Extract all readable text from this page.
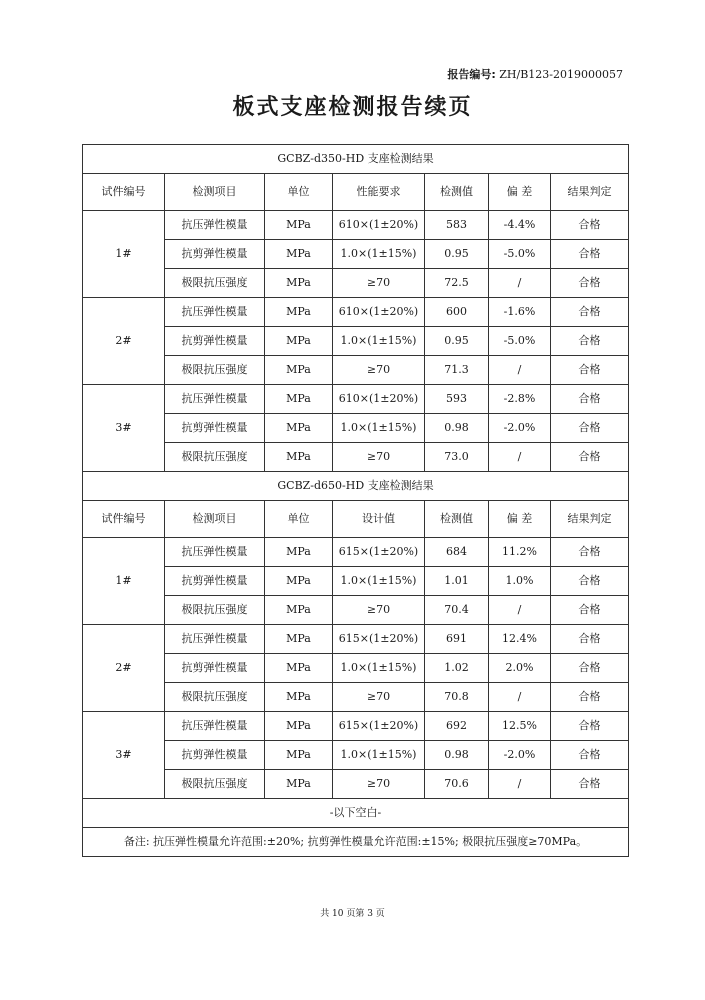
报告编号: ZH/B123-2019000057
板式支座检测报告续页
GCBZ-d350-HD 支座检测结果						
试件编号	检测项目	单位	性能要求	检测值	偏 差	结果判定
1#	抗压弹性模量	MPa	610×(1±20%)	583	-4.4%	合格
	抗剪弹性模量	MPa	1.0×(1±15%)	0.95	-5.0%	合格
	极限抗压强度	MPa	≥70	72.5	/	合格
2#	抗压弹性模量	MPa	610×(1±20%)	600	-1.6%	合格
	抗剪弹性模量	MPa	1.0×(1±15%)	0.95	-5.0%	合格
	极限抗压强度	MPa	≥70	71.3	/	合格
3#	抗压弹性模量	MPa	610×(1±20%)	593	-2.8%	合格
	抗剪弹性模量	MPa	1.0×(1±15%)	0.98	-2.0%	合格
	极限抗压强度	MPa	≥70	73.0	/	合格
GCBZ-d650-HD 支座检测结果						
试件编号	检测项目	单位	设计值	检测值	偏 差	结果判定
1#	抗压弹性模量	MPa	615×(1±20%)	684	11.2%	合格
	抗剪弹性模量	MPa	1.0×(1±15%)	1.01	1.0%	合格
	极限抗压强度	MPa	≥70	70.4	/	合格
2#	抗压弹性模量	MPa	615×(1±20%)	691	12.4%	合格
	抗剪弹性模量	MPa	1.0×(1±15%)	1.02	2.0%	合格
	极限抗压强度	MPa	≥70	70.8	/	合格
3#	抗压弹性模量	MPa	615×(1±20%)	692	12.5%	合格
	抗剪弹性模量	MPa	1.0×(1±15%)	0.98	-2.0%	合格
	极限抗压强度	MPa	≥70	70.6	/	合格
-以下空白-						
备注: 抗压弹性模量允许范围:±20%; 抗剪弹性模量允许范围:±15%; 极限抗压强度≥70MPa。						
共 10 页第 3 页
